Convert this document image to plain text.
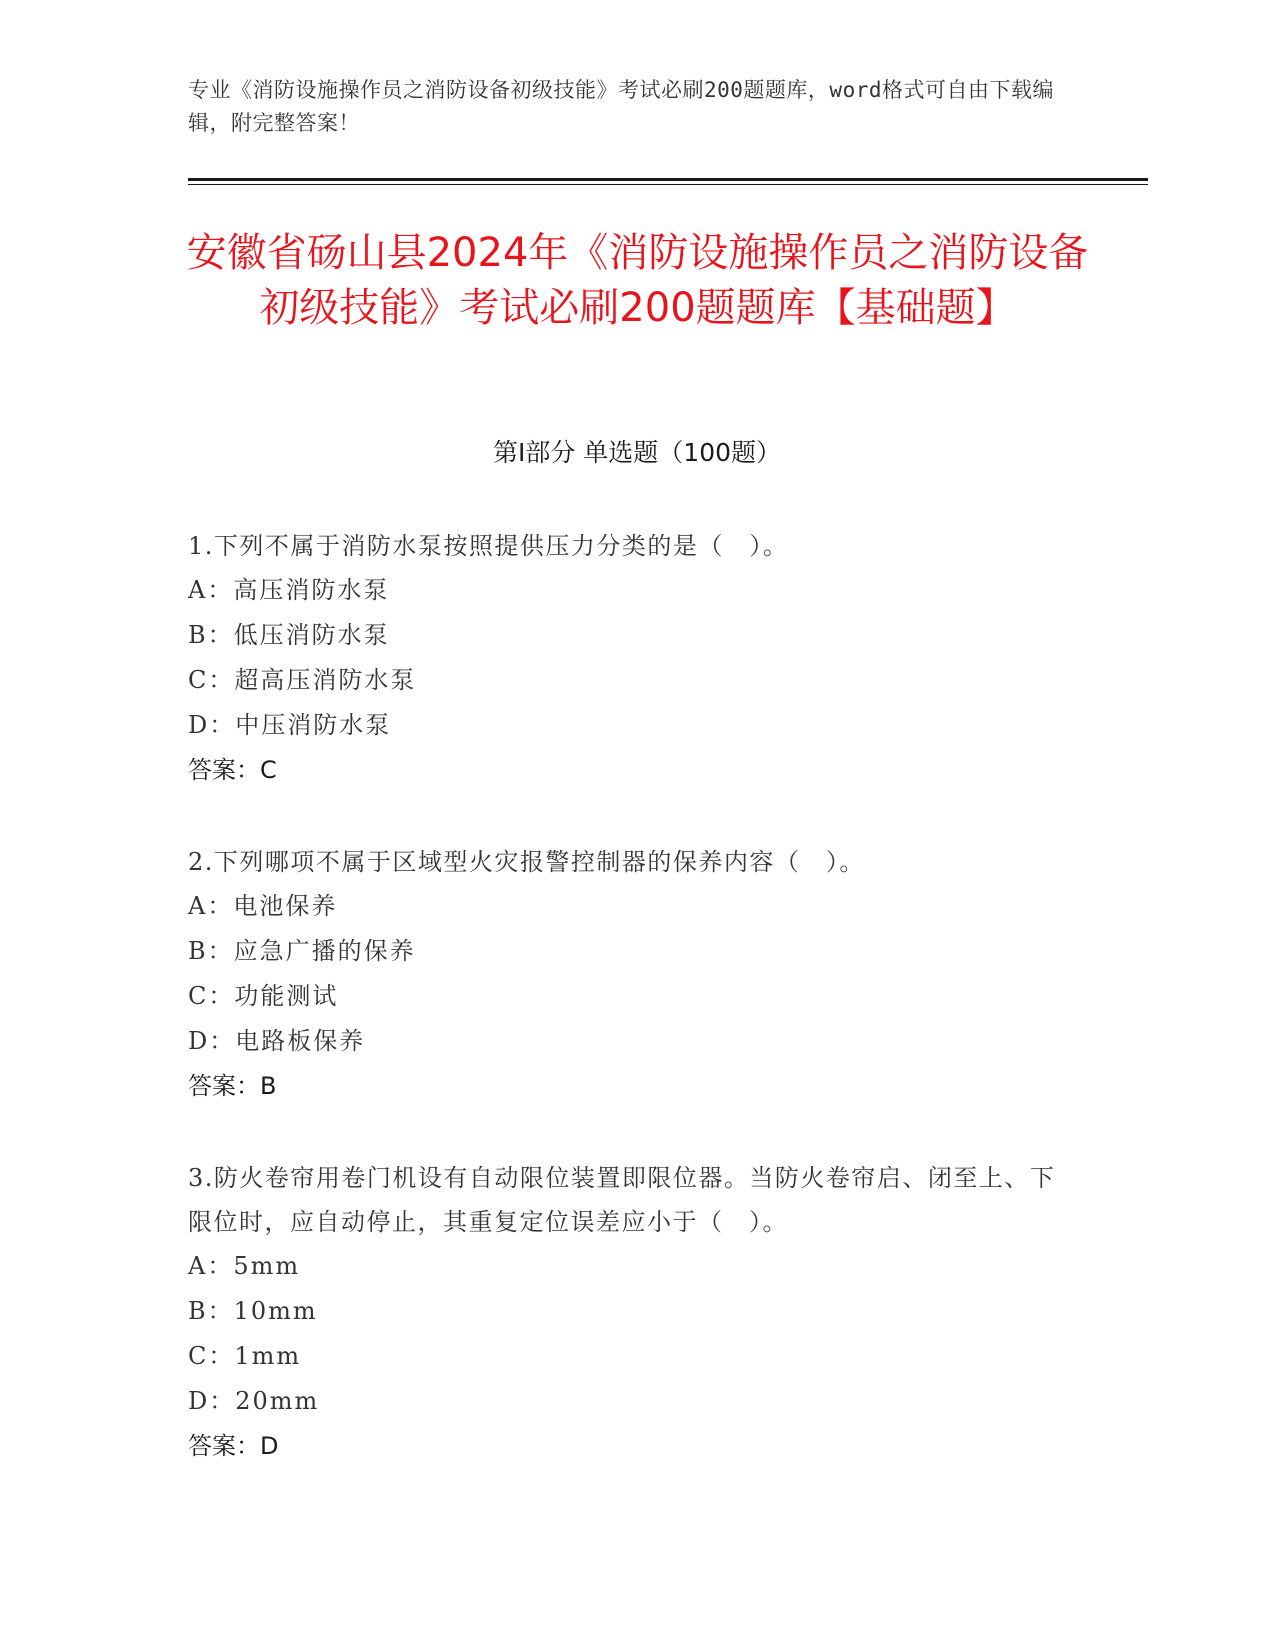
专业《消防设施操作员之消防设备初级技能》考试必刷200题题库，word格式可自由下载编辑，附完整答案！
安徽省砀山县2024年《消防设施操作员之消防设备初级技能》考试必刷200题题库【基础题】
第I部分 单选题（100题）

1.下列不属于消防水泵按照提供压力分类的是（　）。

A：高压消防水泵

B：低压消防水泵

C：超高压消防水泵

D：中压消防水泵

答案：C

2.下列哪项不属于区域型火灾报警控制器的保养内容（　）。

A：电池保养

B：应急广播的保养

C：功能测试

D：电路板保养

答案：B

3.防火卷帘用卷门机设有自动限位装置即限位器。当防火卷帘启、闭至上、下限位时，应自动停止，其重复定位误差应小于（　）。

A：5mm

B：10mm

C：1mm

D：20mm

答案：D
